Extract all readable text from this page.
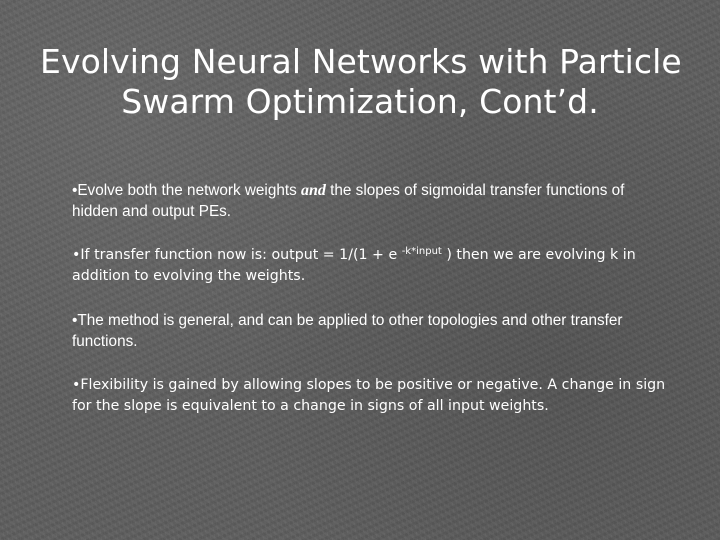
Evolving Neural Networks with Particle
Swarm Optimization, Cont’d.
•Evolve both the network weights and the slopes of sigmoidal transfer functions of hidden and output PEs.
•If transfer function now is: output = 1/(1 + e $^{-k*input}$ ) then we are evolving k in addition to evolving the weights.
•The method is general, and can be applied to other topologies and other transfer functions.
•Flexibility is gained by allowing slopes to be positive or negative. A change in sign for the slope is equivalent to a change in signs of all input weights.
